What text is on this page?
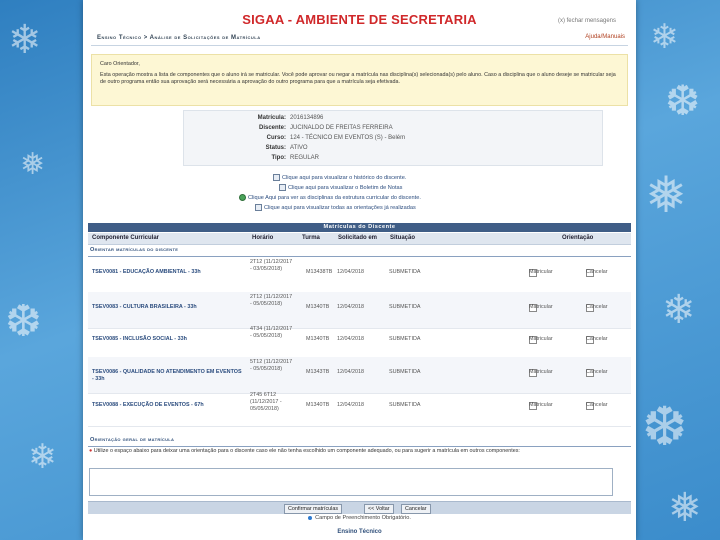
❄
❅
❆
❄
❄
❆
❅
❄
❆
❅
SIGAA - AMBIENTE DE SECRETARIA	(x) fechar mensagens
Ensino Técnico > Análise de Solicitações de Matrícula	Ajuda/Manuais

Caro Orientador,

Esta operação mostra a lista de componentes que o aluno irá se matricular. Você pode aprovar ou negar a matrícula nas disciplina(s) selecionada(s) pelo aluno. Caso a disciplina que o aluno deseje se matricular seja de outro programa então sua aprovação será necessária a aprovação do outro programa para que a matrícula seja efetivada.

Matrícula: 2016134896
Discente: JUCINALDO DE FREITAS FERREIRA
Curso: 124 - TÉCNICO EM EVENTOS (S) - Belém
Status: ATIVO
Tipo: REGULAR
Clique aqui para visualizar o histórico do discente.
Clique aqui para visualizar o Boletim de Notas
Clique Aqui para ver as disciplinas da estrutura curricular do discente.
Clique aqui para visualizar todas as orientações já realizadas
Matrículas do Discente
Componente Curricular	Horário	Turma	Solicitado em Situação	Orientação
Orientar matrículas do discente
TSEV0081 - EDUCAÇÃO AMBIENTAL - 33h
2T12 (11/12/2017 - 03/05/2018)	M13438TB 12/04/2018	SUBMETIDA	Matricular	Cancelar
TSEV0083 - CULTURA BRASILEIRA - 33h
2T12 (11/12/2017 - 05/05/2018)	M1340TB 12/04/2018	SUBMETIDA	Matricular	Cancelar
TSEV0085 - INCLUSÃO SOCIAL - 33h
4T34 (11/12/2017 - 05/05/2018)	M1340TB 12/04/2018	SUBMETIDA	Matricular	Cancelar
TSEV0086 - QUALIDADE NO ATENDIMENTO EM EVENTOS - 33h
5T12 (11/12/2017 - 05/05/2018)	M1343TB 12/04/2018	SUBMETIDA	Matricular	Cancelar
TSEV0088 - EXECUÇÃO DE EVENTOS - 67h
2T45 6T12 (11/12/2017 - 05/05/2018)
M1340TB 12/04/2018	SUBMETIDA	Matricular	Cancelar
Orientação geral de matrícula
● Utilize o espaço abaixo para deixar uma orientação para o discente caso ele não tenha escolhido um componente adequado, ou para sugerir a matrícula em outros componentes:
Confirmar matrículas	<< Voltar	Cancelar
Campo de Preenchimento Obrigatório.
Ensino Técnico
